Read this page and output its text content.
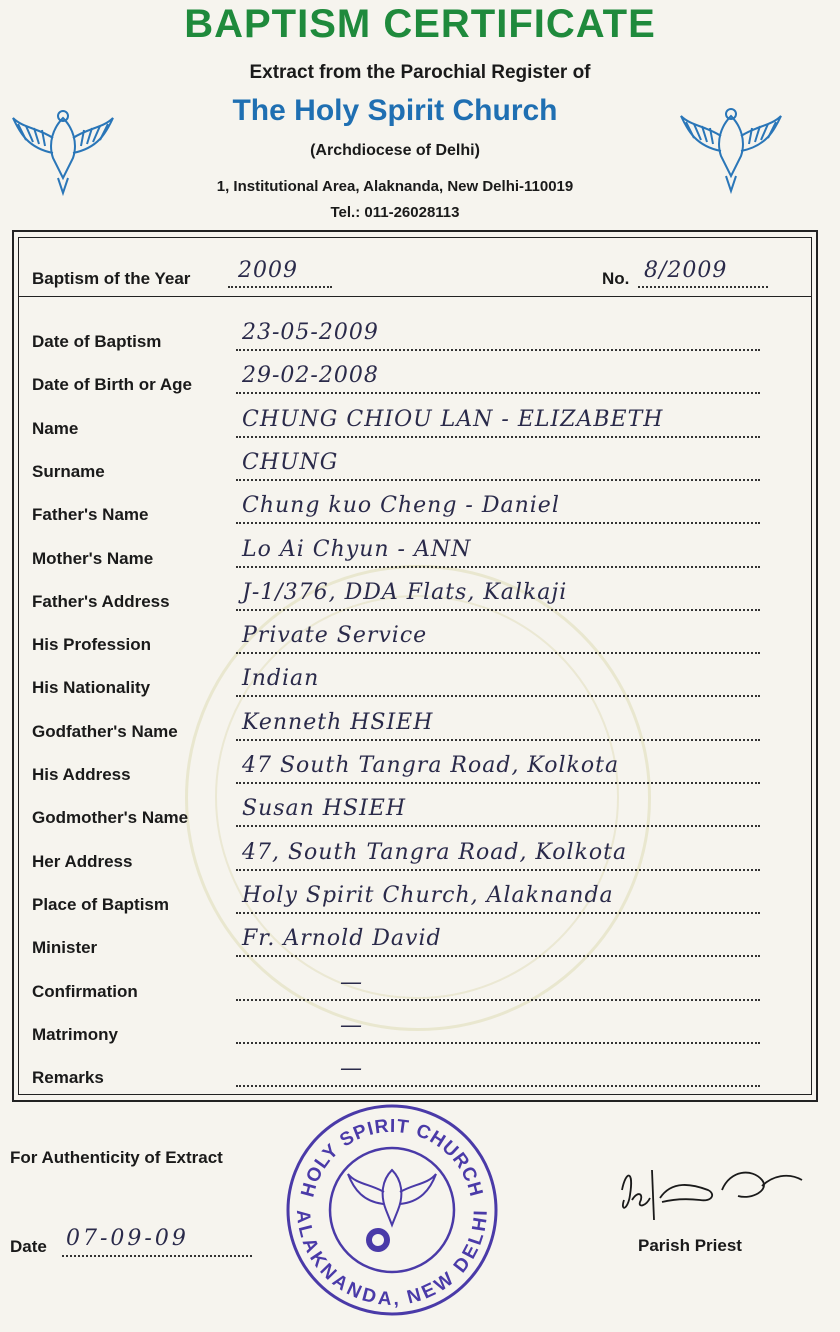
BAPTISM CERTIFICATE
Extract from the Parochial Register of
The Holy Spirit Church
(Archdiocese of Delhi)
1, Institutional Area, Alaknanda, New Delhi-110019
Tel.: 011-26028113
Baptism of the Year 2009	No. 8/2009
Date of Baptism	23-05-2009
Date of Birth or Age 29-02-2008
Name	CHUNG CHIOU LAN - ELIZABETH
Surname	CHUNG
Father's Name	Chung kuo Cheng - Daniel
Mother's Name	Lo Ai Chyun - ANN
Father's Address	J-1/376, DDA Flats, Kalkaji
His Profession	Private Service
His Nationality	Indian
Godfather's Name	Kenneth HSIEH
His Address	47 South Tangra Road, Kolkota
Godmother's Name Susan HSIEH
Her Address	47, South Tangra Road, Kolkota
Place of Baptism	Holy Spirit Church, Alaknanda
Minister	Fr. Arnold David
Confirmation	—
Matrimony	—
Remarks	—
For Authenticity of Extract
Date 07-09-09
HOLY SPIRIT CHURCH
ALAKNANDA, NEW DELHI
Parish Priest
